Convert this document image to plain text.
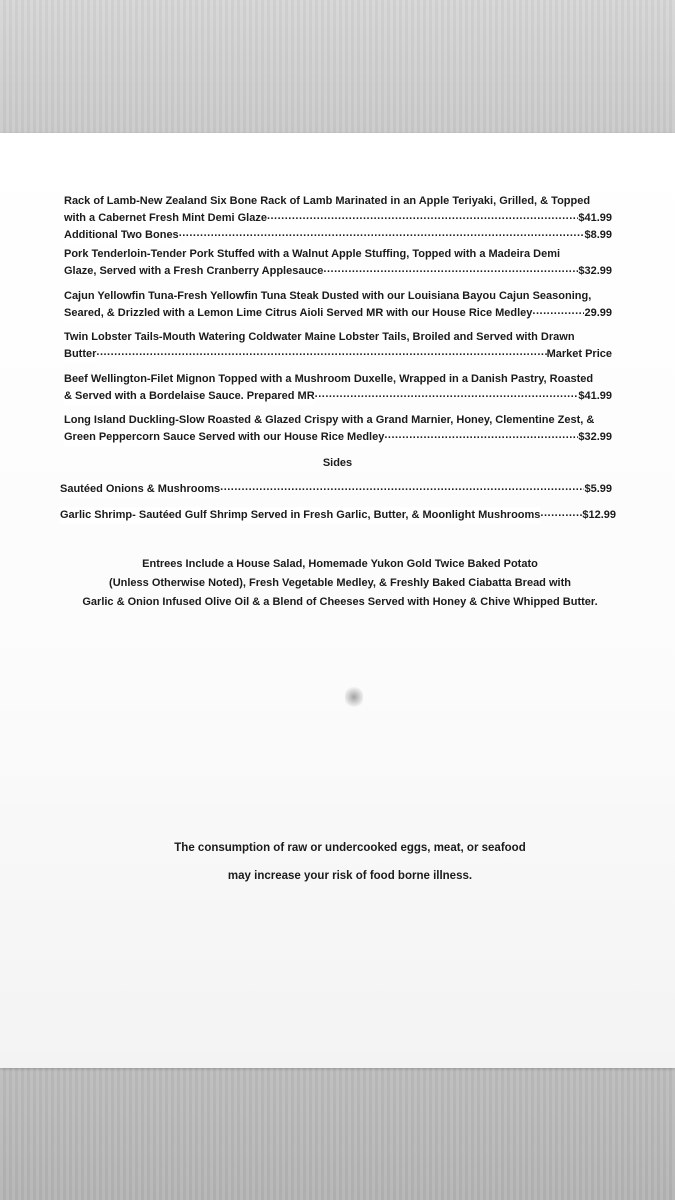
Rack of Lamb-New Zealand Six Bone Rack of Lamb Marinated in an Apple Teriyaki, Grilled, & Topped
with a Cabernet Fresh Mint Demi Glaze .....	$41.99
Additional Two Bones .....	$8.99
Pork Tenderloin-Tender Pork Stuffed with a Walnut Apple Stuffing, Topped with a Madeira Demi
Glaze, Served with a Fresh Cranberry Applesauce .....	$32.99
Cajun Yellowfin Tuna-Fresh Yellowfin Tuna Steak Dusted with our Louisiana Bayou Cajun Seasoning,
Seared, & Drizzled with a Lemon Lime Citrus Aioli Served MR with our House Rice Medley .....	29.99
Twin Lobster Tails-Mouth Watering Coldwater Maine Lobster Tails, Broiled and Served with Drawn
Butter .....	Market Price
Beef Wellington-Filet Mignon Topped with a Mushroom Duxelle, Wrapped in a Danish Pastry, Roasted
& Served with a Bordelaise Sauce. Prepared MR .....	$41.99
Long Island Duckling-Slow Roasted & Glazed Crispy with a Grand Marnier, Honey, Clementine Zest, &
Green Peppercorn Sauce Served with our House Rice Medley .....	$32.99
Sides
Sautéed Onions & Mushrooms .....	$5.99
Garlic Shrimp- Sautéed Gulf Shrimp Served in Fresh Garlic, Butter, & Moonlight Mushrooms .....	$12.99
Entrees Include a House Salad, Homemade Yukon Gold Twice Baked Potato
(Unless Otherwise Noted), Fresh Vegetable Medley, & Freshly Baked Ciabatta Bread with
Garlic & Onion Infused Olive Oil & a Blend of Cheeses Served with Honey & Chive Whipped Butter.
The consumption of raw or undercooked eggs, meat, or seafood
may increase your risk of food borne illness.
